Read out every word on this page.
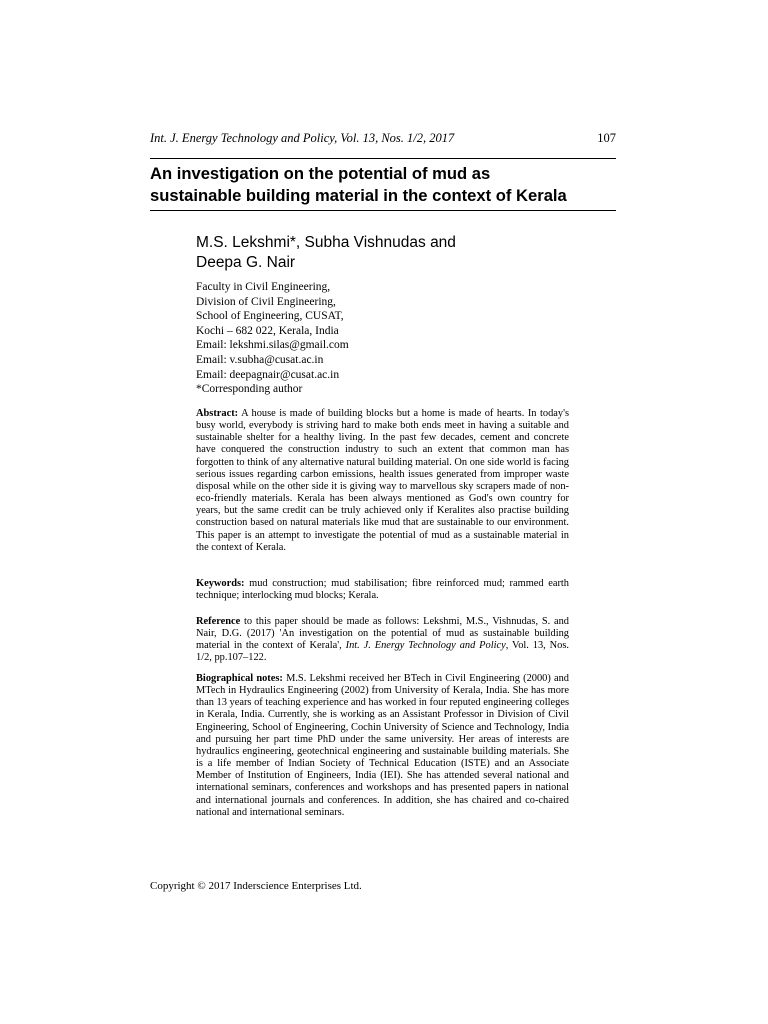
Int. J. Energy Technology and Policy, Vol. 13, Nos. 1/2, 2017	107
An investigation on the potential of mud as
sustainable building material in the context of Kerala
M.S. Lekshmi*, Subha Vishnudas and
Deepa G. Nair
Faculty in Civil Engineering,
Division of Civil Engineering,
School of Engineering, CUSAT,
Kochi – 682 022, Kerala, India
Email: lekshmi.silas@gmail.com
Email: v.subha@cusat.ac.in
Email: deepagnair@cusat.ac.in
*Corresponding author
Abstract: A house is made of building blocks but a home is made of hearts. In today's busy world, everybody is striving hard to make both ends meet in having a suitable and sustainable shelter for a healthy living. In the past few decades, cement and concrete have conquered the construction industry to such an extent that common man has forgotten to think of any alternative natural building material. On one side world is facing serious issues regarding carbon emissions, health issues generated from improper waste disposal while on the other side it is giving way to marvellous sky scrapers made of non-eco-friendly materials. Kerala has been always mentioned as God's own country for years, but the same credit can be truly achieved only if Keralites also practise building construction based on natural materials like mud that are sustainable to our environment. This paper is an attempt to investigate the potential of mud as a sustainable material in the context of Kerala.
Keywords: mud construction; mud stabilisation; fibre reinforced mud; rammed earth technique; interlocking mud blocks; Kerala.
Reference to this paper should be made as follows: Lekshmi, M.S., Vishnudas, S. and Nair, D.G. (2017) 'An investigation on the potential of mud as sustainable building material in the context of Kerala', Int. J. Energy Technology and Policy, Vol. 13, Nos. 1/2, pp.107–122.
Biographical notes: M.S. Lekshmi received her BTech in Civil Engineering (2000) and MTech in Hydraulics Engineering (2002) from University of Kerala, India. She has more than 13 years of teaching experience and has worked in four reputed engineering colleges in Kerala, India. Currently, she is working as an Assistant Professor in Division of Civil Engineering, School of Engineering, Cochin University of Science and Technology, India and pursuing her part time PhD under the same university. Her areas of interests are hydraulics engineering, geotechnical engineering and sustainable building materials. She is a life member of Indian Society of Technical Education (ISTE) and an Associate Member of Institution of Engineers, India (IEI). She has attended several national and international seminars, conferences and workshops and has presented papers in national and international journals and conferences. In addition, she has chaired and co-chaired national and international seminars.
Copyright © 2017 Inderscience Enterprises Ltd.
